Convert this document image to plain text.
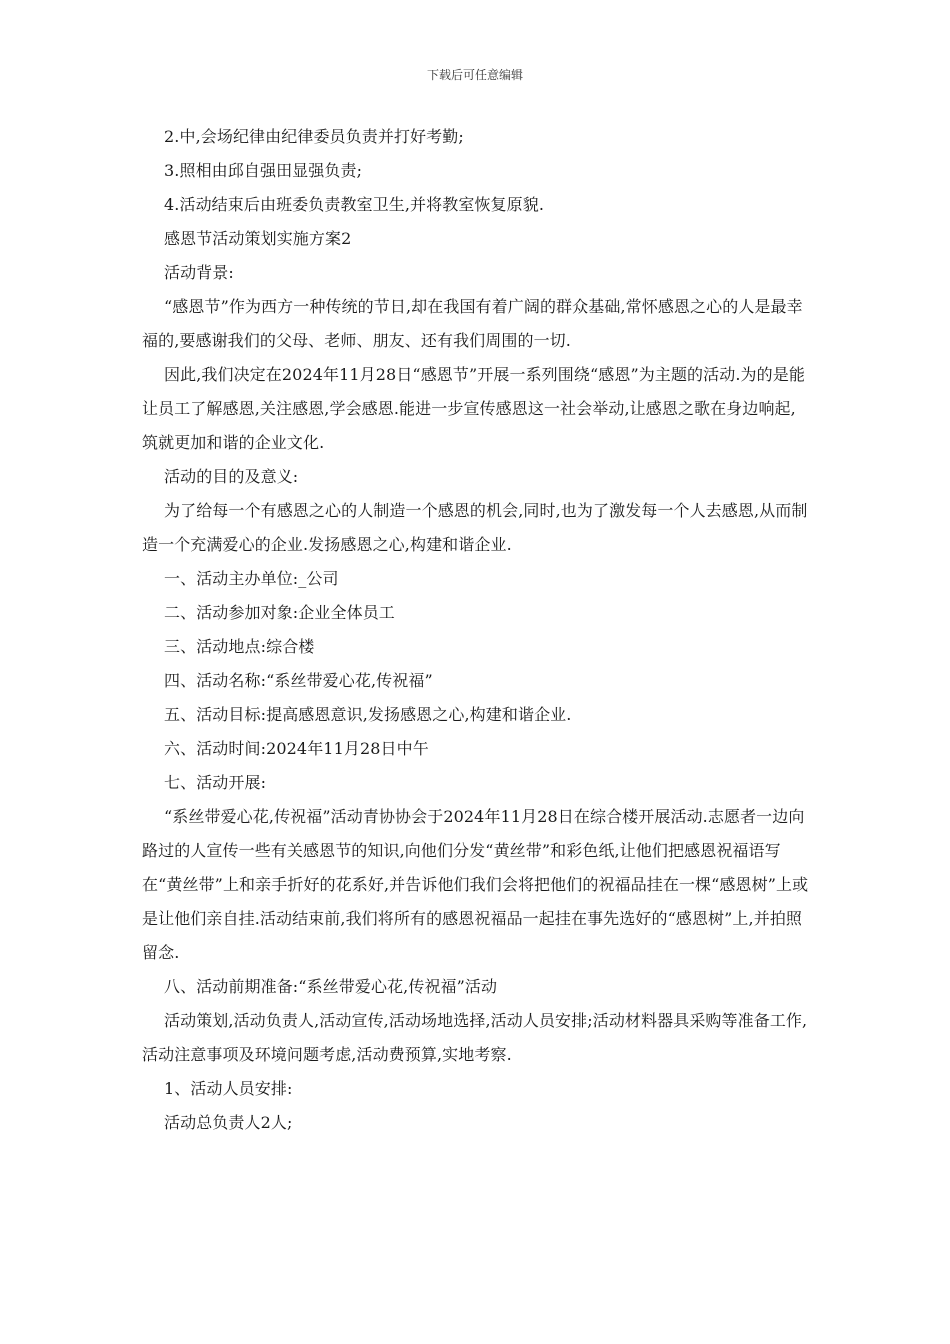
下载后可任意编辑

2.中,会场纪律由纪律委员负责并打好考勤;

3.照相由邱自强田显强负责;

4.活动结束后由班委负责教室卫生,并将教室恢复原貌.

感恩节活动策划实施方案2

活动背景:

“感恩节”作为西方一种传统的节日,却在我国有着广阔的群众基础,常怀感恩之心的人是最幸福的,要感谢我们的父母、老师、朋友、还有我们周围的一切.

因此,我们决定在2024年11月28日“感恩节”开展一系列围绕“感恩”为主题的活动.为的是能让员工了解感恩,关注感恩,学会感恩.能进一步宣传感恩这一社会举动,让感恩之歌在身边响起,筑就更加和谐的企业文化.

活动的目的及意义:

为了给每一个有感恩之心的人制造一个感恩的机会,同时,也为了激发每一个人去感恩,从而制造一个充满爱心的企业.发扬感恩之心,构建和谐企业.

一、活动主办单位:_公司

二、活动参加对象:企业全体员工

三、活动地点:综合楼

四、活动名称:“系丝带爱心花,传祝福”

五、活动目标:提高感恩意识,发扬感恩之心,构建和谐企业.

六、活动时间:2024年11月28日中午

七、活动开展:

“系丝带爱心花,传祝福”活动青协协会于2024年11月28日在综合楼开展活动.志愿者一边向路过的人宣传一些有关感恩节的知识,向他们分发“黄丝带”和彩色纸,让他们把感恩祝福语写在“黄丝带”上和亲手折好的花系好,并告诉他们我们会将把他们的祝福品挂在一棵“感恩树”上或是让他们亲自挂.活动结束前,我们将所有的感恩祝福品一起挂在事先选好的“感恩树”上,并拍照留念.

八、活动前期准备:“系丝带爱心花,传祝福”活动

活动策划,活动负责人,活动宣传,活动场地选择,活动人员安排;活动材料器具采购等准备工作,活动注意事项及环境问题考虑,活动费预算,实地考察.

1、活动人员安排:

活动总负责人2人;
